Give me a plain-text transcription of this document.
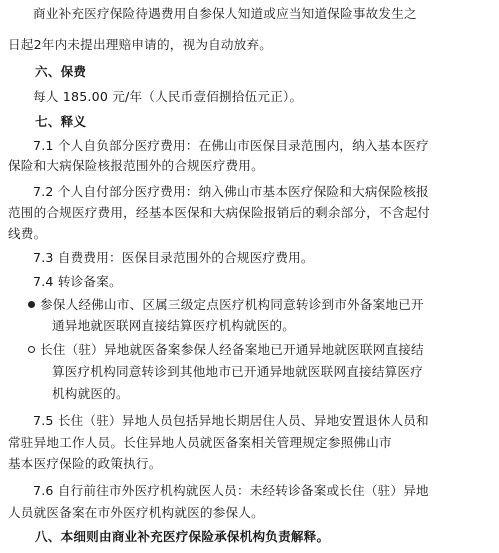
商业补充医疗保险待遇费用自参保人知道或应当知道保险事故发生之
日起2年内未提出理赔申请的，视为自动放弃。
六、保费
每人 185.00 元/年（人民币壹佰捌拾伍元正）。
七、释义
7.1 个人自负部分医疗费用：在佛山市医保目录范围内，纳入基本医疗
保险和大病保险核报范围外的合规医疗费用。
7.2 个人自付部分医疗费用：纳入佛山市基本医疗保险和大病保险核报
范围的合规医疗费用，经基本医保和大病保险报销后的剩余部分，不含起付
线费。
7.3 自费费用：医保目录范围外的合规医疗费用。
7.4 转诊备案。
参保人经佛山市、区属三级定点医疗机构同意转诊到市外备案地已开
通异地就医联网直接结算医疗机构就医的。
长住（驻）异地就医备案参保人经备案地已开通异地就医联网直接结
算医疗机构同意转诊到其他地市已开通异地就医联网直接结算医疗
机构就医的。
7.5 长住（驻）异地人员包括异地长期居住人员、异地安置退休人员和
常驻异地工作人员。长住异地人员就医备案相关管理规定参照佛山市
基本医疗保险的政策执行。
7.6 自行前往市外医疗机构就医人员：未经转诊备案或长住（驻）异地
人员就医备案在市外医疗机构就医的参保人。
八、本细则由商业补充医疗保险承保机构负责解释。
